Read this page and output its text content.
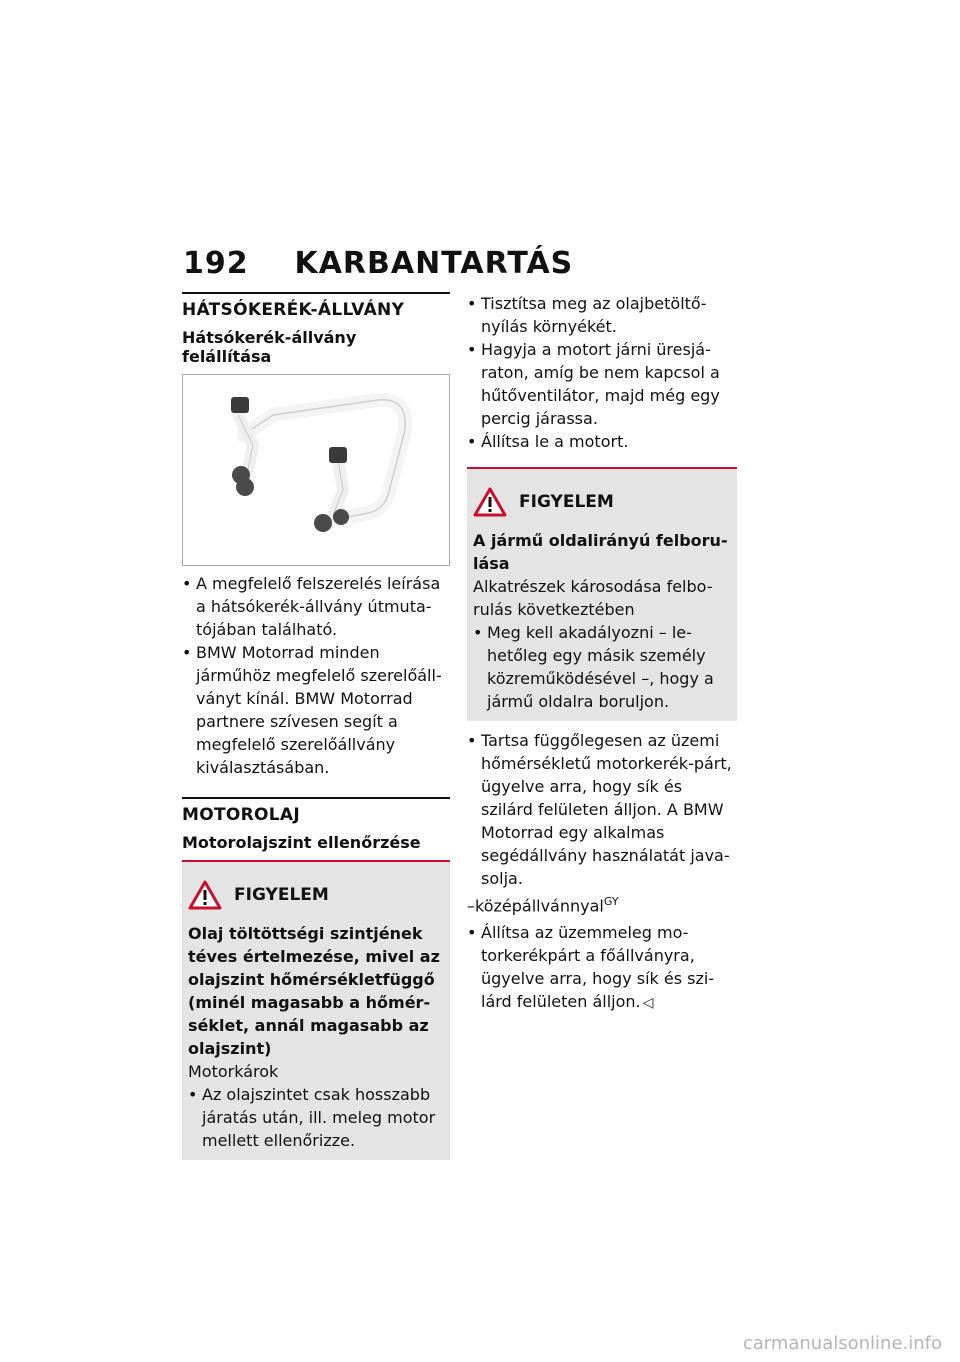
192 KARBANTARTÁS
HÁTSÓKERÉK-ÁLLVÁNY
Hátsókerék-állvány felállítása
• A megfelelő felszerelés leírása a hátsókerék-állvány útmuta-tójában található.
• BMW Motorrad minden járműhöz megfelelő szerelőáll-ványt kínál. BMW Motorrad partnere szívesen segít a megfelelő szerelőállvány kiválasztásában.
MOTOROLAJ
Motorolajszint ellenőrzése
FIGYELEM
Olaj töltöttségi szintjének téves értelmezése, mivel az olajszint hőmérsékletfüggő (minél magasabb a hőmér-séklet, annál magasabb az olajszint)
Motorkárok
• Az olajszintet csak hosszabb járatás után, ill. meleg motor mellett ellenőrizze.
• Tisztítsa meg az olajbetöltő-nyílás környékét.
• Hagyja a motort járni üresjá-raton, amíg be nem kapcsol a hűtőventilátor, majd még egy percig járassa.
• Állítsa le a motort.
FIGYELEM
A jármű oldalirányú felboru-lása
Alkatrészek károsodása felbo-rulás következtében
• Meg kell akadályozni – le-hetőleg egy másik személy közreműködésével –, hogy a jármű oldalra boruljon.
• Tartsa függőlegesen az üzemi hőmérsékletű motorkerék-párt, ügyelve arra, hogy sík és szilárd felületen álljon. A BMW Motorrad egy alkalmas segédállvány használatát java-solja.
–középállvánnyal$^{GY}$
• Állítsa az üzemmeleg mo-torkerékpárt a főállványra, ügyelve arra, hogy sík és szi-lárd felületen álljon. ◁
carmanualsonline.info
